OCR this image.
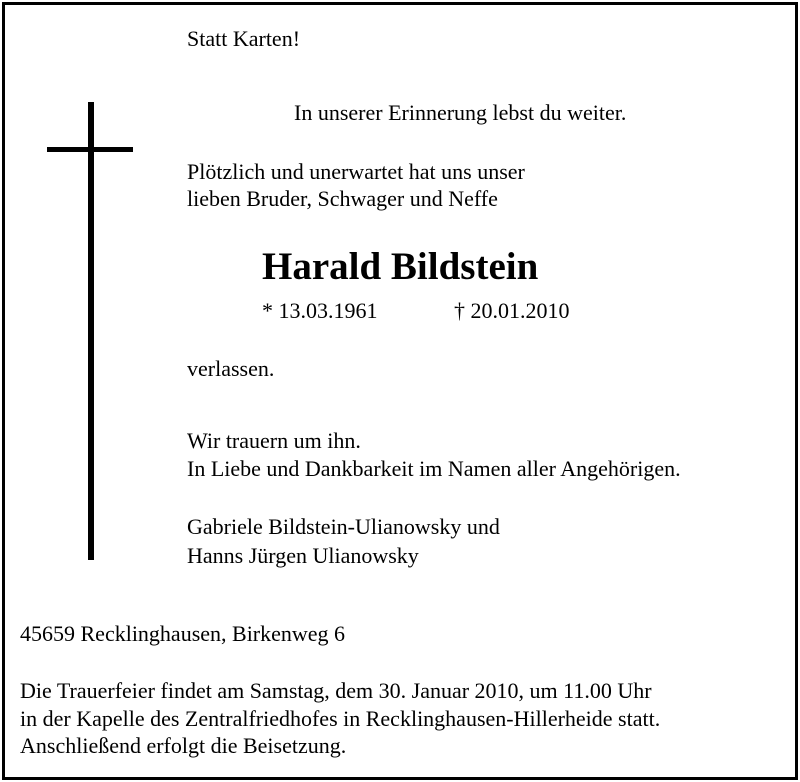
Statt Karten!

In unserer Erinnerung lebst du weiter.

Plötzlich und unerwartet hat uns unser

lieben Bruder, Schwager und Neffe

Harald Bildstein

* 13.03.1961	† 20.01.2010

verlassen.

Wir trauern um ihn.

In Liebe und Dankbarkeit im Namen aller Angehörigen.

Gabriele Bildstein-Ulianowsky und

Hanns Jürgen Ulianowsky

45659 Recklinghausen, Birkenweg 6

Die Trauerfeier findet am Samstag, dem 30. Januar 2010, um 11.00 Uhr

in der Kapelle des Zentralfriedhofes in Recklinghausen-Hillerheide statt.

Anschließend erfolgt die Beisetzung.
